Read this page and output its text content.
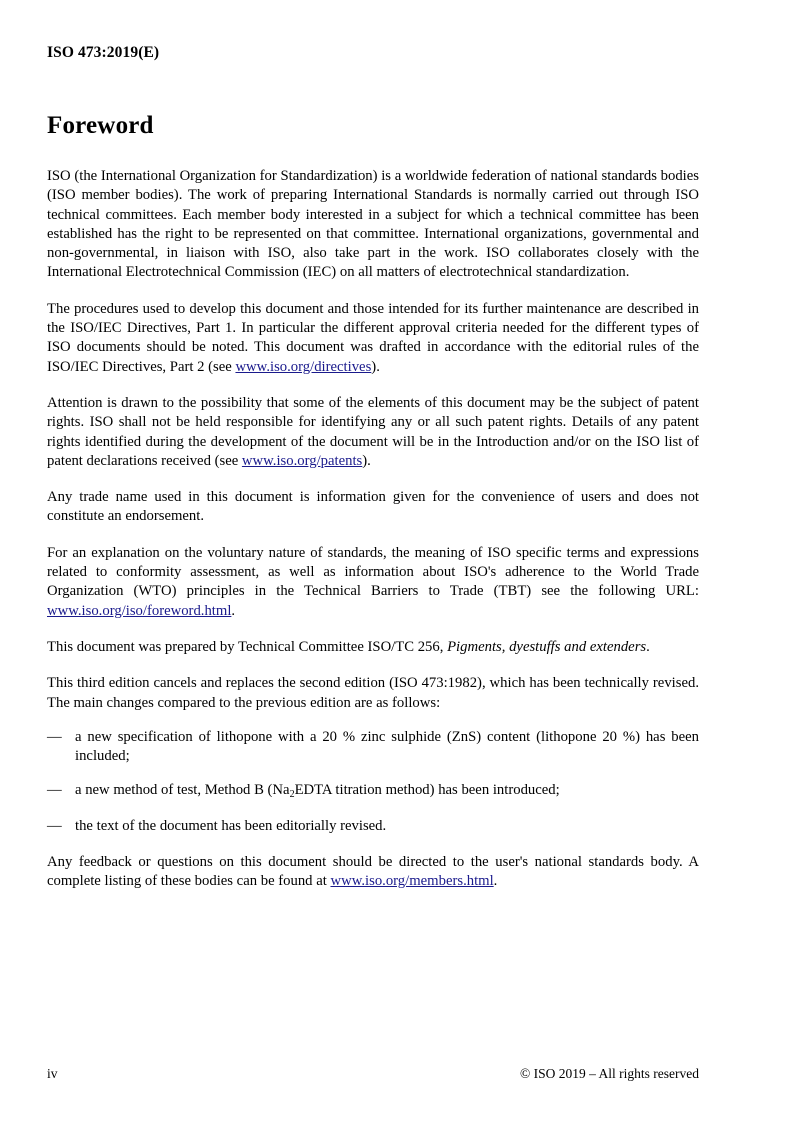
ISO 473:2019(E)
Foreword

ISO (the International Organization for Standardization) is a worldwide federation of national standards bodies (ISO member bodies). The work of preparing International Standards is normally carried out through ISO technical committees. Each member body interested in a subject for which a technical committee has been established has the right to be represented on that committee. International organizations, governmental and non-governmental, in liaison with ISO, also take part in the work. ISO collaborates closely with the International Electrotechnical Commission (IEC) on all matters of electrotechnical standardization.

The procedures used to develop this document and those intended for its further maintenance are described in the ISO/IEC Directives, Part 1. In particular the different approval criteria needed for the different types of ISO documents should be noted. This document was drafted in accordance with the editorial rules of the ISO/IEC Directives, Part 2 (see www.iso.org/directives).

Attention is drawn to the possibility that some of the elements of this document may be the subject of patent rights. ISO shall not be held responsible for identifying any or all such patent rights. Details of any patent rights identified during the development of the document will be in the Introduction and/or on the ISO list of patent declarations received (see www.iso.org/patents).

Any trade name used in this document is information given for the convenience of users and does not constitute an endorsement.

For an explanation on the voluntary nature of standards, the meaning of ISO specific terms and expressions related to conformity assessment, as well as information about ISO's adherence to the World Trade Organization (WTO) principles in the Technical Barriers to Trade (TBT) see the following URL: www.iso.org/iso/foreword.html.

This document was prepared by Technical Committee ISO/TC 256, Pigments, dyestuffs and extenders.

This third edition cancels and replaces the second edition (ISO 473:1982), which has been technically revised. The main changes compared to the previous edition are as follows:

— a new specification of lithopone with a 20 % zinc sulphide (ZnS) content (lithopone 20 %) has been included;
— a new method of test, Method B ($Na_2EDTA$ titration method) has been introduced;
— the text of the document has been editorially revised.

Any feedback or questions on this document should be directed to the user's national standards body. A complete listing of these bodies can be found at www.iso.org/members.html.

iv	© ISO 2019 – All rights reserved
